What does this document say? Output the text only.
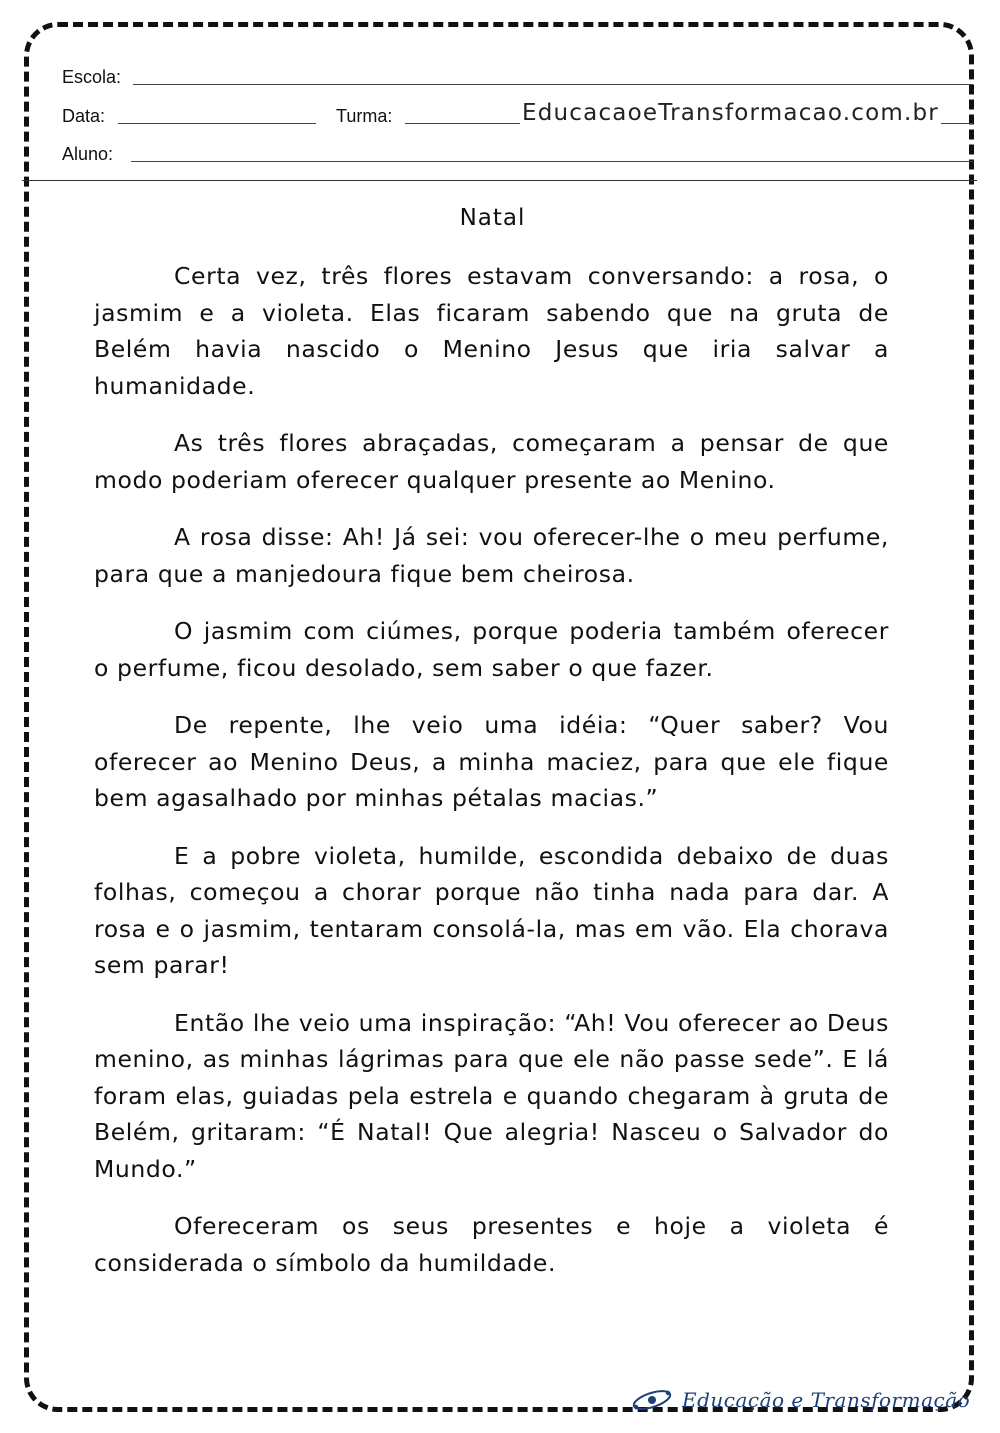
Escola:
Data:	Turma:	EducacaoeTransformacao.com.br
Aluno:
Natal

Certa vez, três flores estavam conversando: a rosa, o jasmim e a violeta. Elas ficaram sabendo que na gruta de Belém havia nascido o Menino Jesus que iria salvar a humanidade.

As três flores abraçadas, começaram a pensar de que modo poderiam oferecer qualquer presente ao Menino.

A rosa disse: Ah! Já sei: vou oferecer-lhe o meu perfume, para que a manjedoura fique bem cheirosa.

O jasmim com ciúmes, porque poderia também oferecer o perfume, ficou desolado, sem saber o que fazer.

De repente, lhe veio uma idéia: “Quer saber? Vou oferecer ao Menino Deus, a minha maciez, para que ele fique bem agasalhado por minhas pétalas macias.”

E a pobre violeta, humilde, escondida debaixo de duas folhas, começou a chorar porque não tinha nada para dar. A rosa e o jasmim, tentaram consolá-la, mas em vão. Ela chorava sem parar!

Então lhe veio uma inspiração: “Ah! Vou oferecer ao Deus menino, as minhas lágrimas para que ele não passe sede”. E lá foram elas, guiadas pela estrela e quando chegaram à gruta de Belém, gritaram: “É Natal! Que alegria! Nasceu o Salvador do Mundo.”

Ofereceram os seus presentes e hoje a violeta é considerada o símbolo da humildade.

Educação e Transformação
